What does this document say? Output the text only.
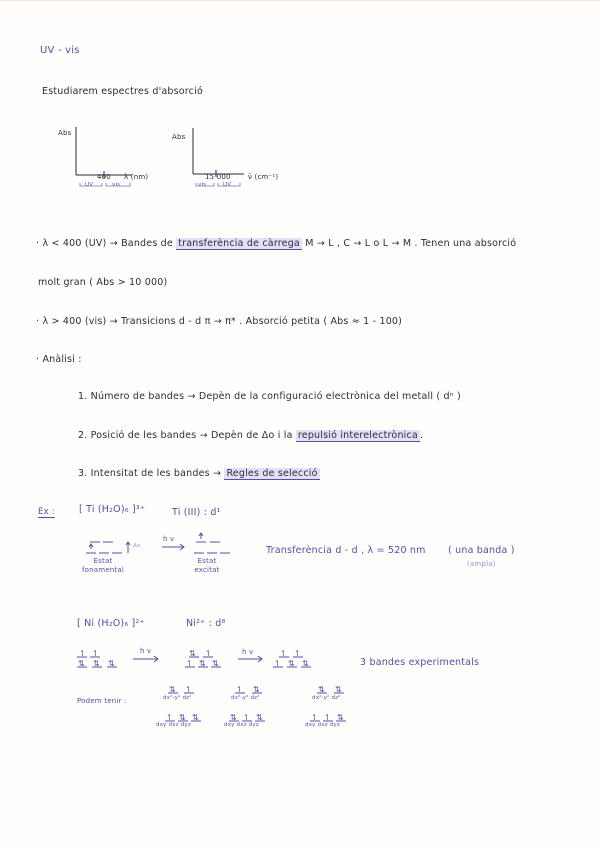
UV - vis
Estudiarem espectres d'absorció
↿ ↿
⇅ ⇅ ⇅
⇅ ↿
↿ ⇅ ⇅
↿ ↿
↿ ⇅ ⇅
⇅ ↿
↿ ⇅ ⇅
↿ ⇅
⇅ ↿ ⇅
⇅ ⇅
↿ ↿ ⇅
Abs
400 λ (nm)
UV	vis
Abs
15 000 ν̄ (cm⁻¹)
vis	UV
· λ < 400 (UV) → Bandes de transferència de càrrega M → L , C → L o L → M . Tenen una absorció
molt gran ( Abs > 10 000)
· λ > 400 (vis) → Transicions d - d π → π* . Absorció petita ( Abs ≈ 1 - 100)
· Anàlisi :
1. Número de bandes → Depèn de la configuració electrònica del metall ( dⁿ )
2. Posició de les bandes → Depèn de Δo i la repulsió interelectrònica .
3. Intensitat de les bandes → Regles de selecció
Ex :	[ Ti (H₂O)₆ ]³⁺	Ti (III) : d¹
Δo
h ν
Estat fonamental
Estat excitat
Transferència d - d , λ = 520 nm ( una banda )
(ampla)
[ Ni (H₂O)₆ ]²⁺	Ni²⁺ : d⁸
h ν	h ν
3 bandes experimentals
Podem tenir :	dx²-y² dz²
dxy dxz dyz
dx²-y² dz²
dxy dxz dyz
dx²-y² dz²
dxy dxz dyz
